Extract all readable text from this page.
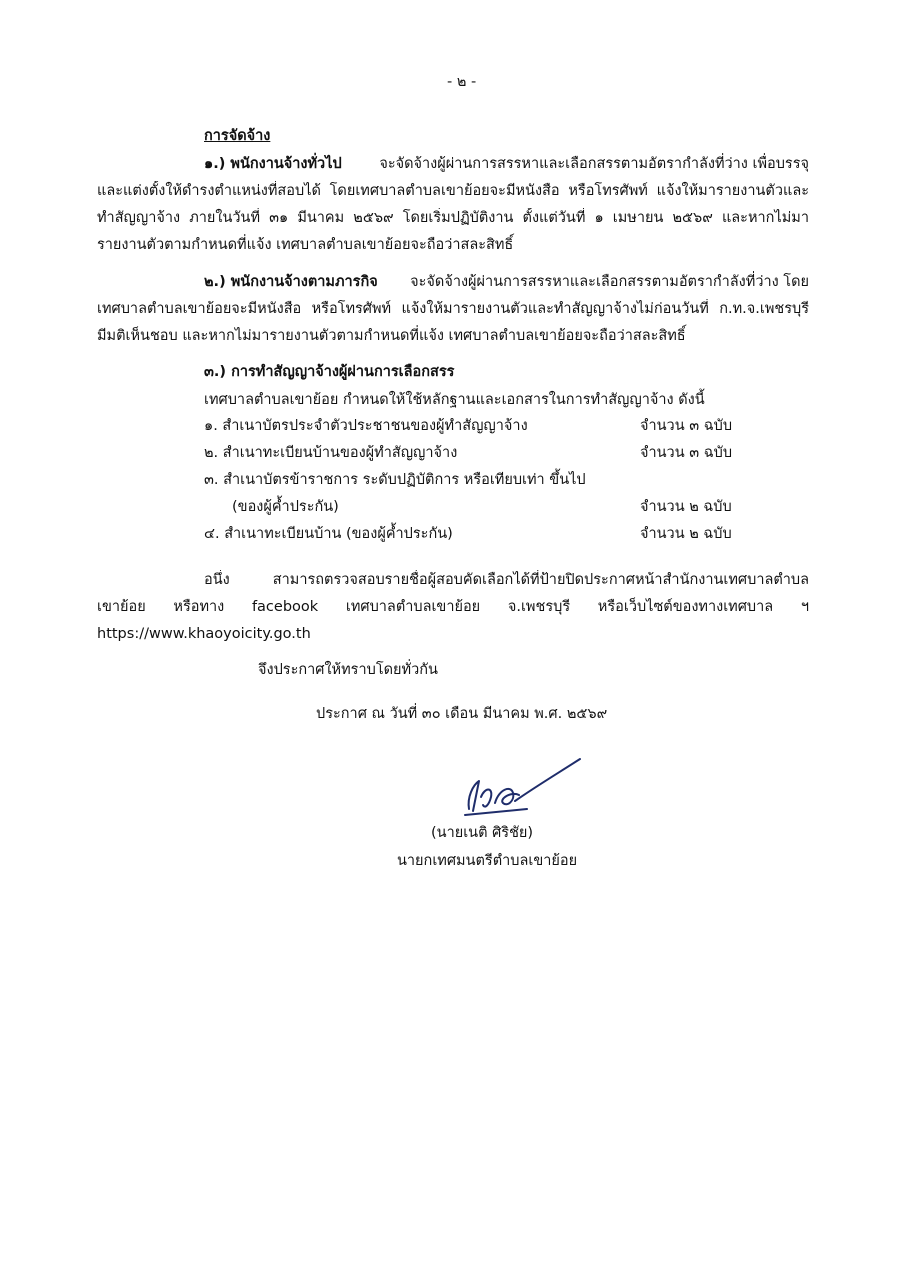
- ๒ -
การจัดจ้าง
๑.) พนักงานจ้างทั่วไป	จะจัดจ้างผู้ผ่านการสรรหาและเลือกสรรตามอัตรากำลังที่ว่าง เพื่อบรรจุ
และแต่งตั้งให้ดำรงตำแหน่งที่สอบได้ โดยเทศบาลตำบลเขาย้อยจะมีหนังสือ หรือโทรศัพท์ แจ้งให้มารายงานตัวและ
ทำสัญญาจ้าง ภายในวันที่ ๓๑ มีนาคม ๒๕๖๙ โดยเริ่มปฏิบัติงาน ตั้งแต่วันที่ ๑ เมษายน ๒๕๖๙ และหากไม่มา
รายงานตัวตามกำหนดที่แจ้ง เทศบาลตำบลเขาย้อยจะถือว่าสละสิทธิ์
๒.) พนักงานจ้างตามภารกิจ จะจัดจ้างผู้ผ่านการสรรหาและเลือกสรรตามอัตรากำลังที่ว่าง โดย
เทศบาลตำบลเขาย้อยจะมีหนังสือ หรือโทรศัพท์ แจ้งให้มารายงานตัวและทำสัญญาจ้างไม่ก่อนวันที่ ก.ท.จ.เพชรบุรี
มีมติเห็นชอบ และหากไม่มารายงานตัวตามกำหนดที่แจ้ง เทศบาลตำบลเขาย้อยจะถือว่าสละสิทธิ์
๓.) การทำสัญญาจ้างผู้ผ่านการเลือกสรร
เทศบาลตำบลเขาย้อย กำหนดให้ใช้หลักฐานและเอกสารในการทำสัญญาจ้าง ดังนี้
๑. สำเนาบัตรประจำตัวประชาชนของผู้ทำสัญญาจ้าง	จำนวน ๓ ฉบับ
๒. สำเนาทะเบียนบ้านของผู้ทำสัญญาจ้าง	จำนวน ๓ ฉบับ
๓. สำเนาบัตรข้าราชการ ระดับปฏิบัติการ หรือเทียบเท่า ขึ้นไป
(ของผู้ค้ำประกัน)	จำนวน ๒ ฉบับ
๔. สำเนาทะเบียนบ้าน (ของผู้ค้ำประกัน)	จำนวน ๒ ฉบับ
อนึ่ง สามารถตรวจสอบรายชื่อผู้สอบคัดเลือกได้ที่ป้ายปิดประกาศหน้าสำนักงานเทศบาลตำบล
เขาย้อย หรือทาง facebook เทศบาลตำบลเขาย้อย จ.เพชรบุรี หรือเว็บไซต์ของทางเทศบาล ฯ
https://www.khaoyoicity.go.th
จึงประกาศให้ทราบโดยทั่วกัน
ประกาศ ณ วันที่ ๓๐ เดือน มีนาคม พ.ศ. ๒๕๖๙
(นายเนติ ศิริชัย)
นายกเทศมนตรีตำบลเขาย้อย
